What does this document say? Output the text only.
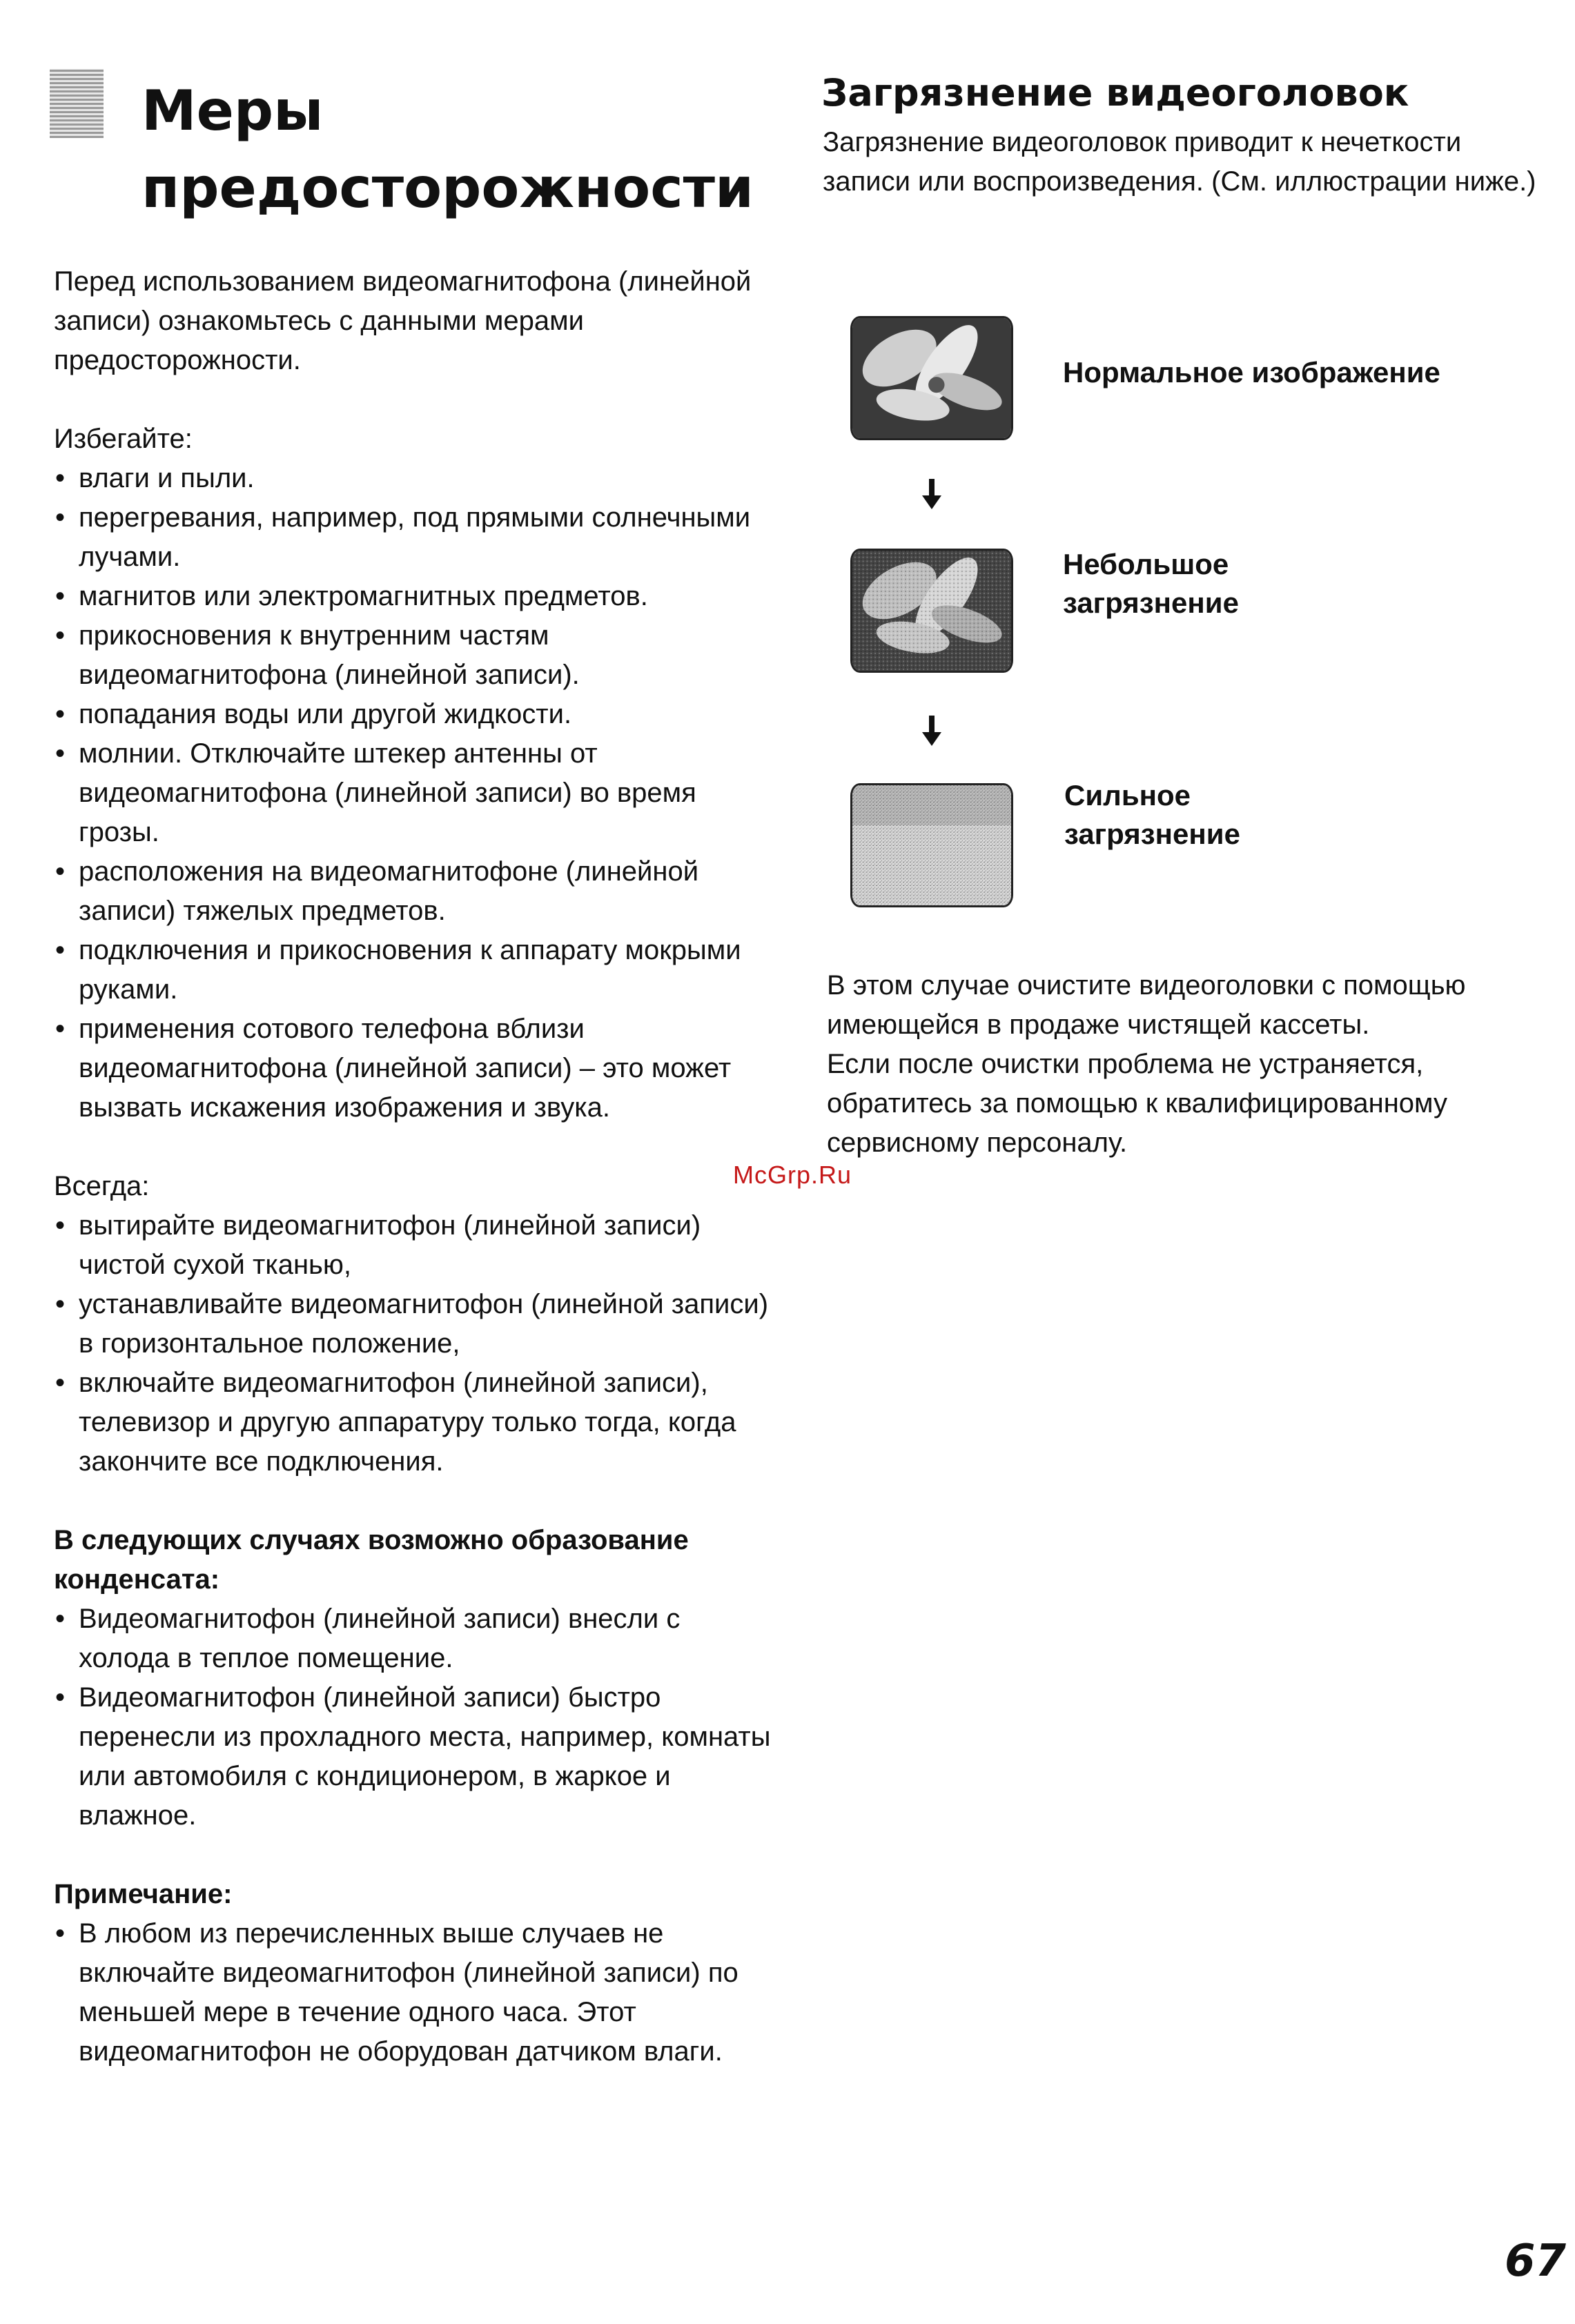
Меры
предосторожности

Перед использованием видеомагнитофона (линейной записи) ознакомьтесь с данными мерами предосторожности.

Избегайте:

• влаги и пыли.
• перегревания, например, под прямыми солнечными лучами.
• магнитов или электромагнитных предметов.
• прикосновения к внутренним частям видеомагнитофона (линейной записи).
• попадания воды или другой жидкости.
• молнии. Отключайте штекер антенны от видеомагнитофона (линейной записи) во время грозы.
• расположения на видеомагнитофоне (линейной записи) тяжелых предметов.
• подключения и прикосновения к аппарату мокрыми руками.
• применения сотового телефона вблизи видеомагнитофона (линейной записи) – это может вызвать искажения изображения и звука.

Всегда:

• вытирайте видеомагнитофон (линейной записи) чистой сухой тканью,
• устанавливайте видеомагнитофон (линейной записи) в горизонтальное положение,
• включайте видеомагнитофон (линейной записи), телевизор и другую аппаратуру только тогда, когда закончите все подключения.

В следующих случаях возможно образование конденсата:

• Видеомагнитофон (линейной записи) внесли с холода в теплое помещение.
• Видеомагнитофон (линейной записи) быстро перенесли из прохладного места, например, комнаты или автомобиля с кондиционером, в жаркое и влажное.

Примечание:

• В любом из перечисленных выше случаев не включайте видеомагнитофон (линейной записи) по меньшей мере в течение одного часа. Этот видеомагнитофон не оборудован датчиком влаги.
Загрязнение видеоголовок

Загрязнение видеоголовок приводит к нечеткости записи или воспроизведения. (См. иллюстрации ниже.)

Нормальное изображение
Небольшое
загрязнение
Сильное
загрязнение

В этом случае очистите видеоголовки с помощью имеющейся в продаже чистящей кассеты.

Если после очистки проблема не устраняется, обратитесь за помощью к квалифицированному сервисному персоналу.

McGrp.Ru
67
